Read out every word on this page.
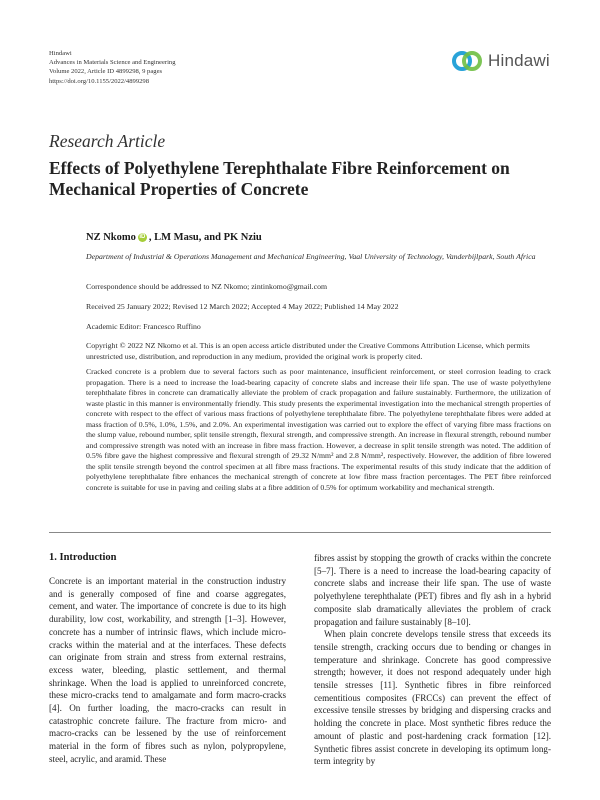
Hindawi
Advances in Materials Science and Engineering
Volume 2022, Article ID 4899298, 9 pages
https://doi.org/10.1155/2022/4899298
Hindawi
Research Article
Effects of Polyethylene Terephthalate Fibre Reinforcement on Mechanical Properties of Concrete
NZ Nkomo iD , LM Masu, and PK Nziu
Department of Industrial & Operations Management and Mechanical Engineering, Vaal University of Technology, Vanderbijlpark, South Africa
Correspondence should be addressed to NZ Nkomo; zintinkomo@gmail.com
Received 25 January 2022; Revised 12 March 2022; Accepted 4 May 2022; Published 14 May 2022
Academic Editor: Francesco Ruffino
Copyright © 2022 NZ Nkomo et al. This is an open access article distributed under the Creative Commons Attribution License, which permits unrestricted use, distribution, and reproduction in any medium, provided the original work is properly cited.
Cracked concrete is a problem due to several factors such as poor maintenance, insufficient reinforcement, or steel corrosion leading to crack propagation. There is a need to increase the load-bearing capacity of concrete slabs and increase their life span. The use of waste polyethylene terephthalate fibres in concrete can dramatically alleviate the problem of crack propagation and failure sustainably. Furthermore, the utilization of waste plastic in this manner is environmentally friendly. This study presents the experimental investigation into the mechanical strength properties of concrete with respect to the effect of various mass fractions of polyethylene terephthalate fibre. The polyethylene terephthalate fibres were added at mass fraction of 0.5%, 1.0%, 1.5%, and 2.0%. An experimental investigation was carried out to explore the effect of varying fibre mass fractions on the slump value, rebound number, split tensile strength, flexural strength, and compressive strength. An increase in flexural strength, rebound number and compressive strength was noted with an increase in fibre mass fraction. However, a decrease in split tensile strength was noted. The addition of 0.5% fibre gave the highest compressive and flexural strength of 29.32 N/mm² and 2.8 N/mm², respectively. However, the addition of fibre lowered the split tensile strength beyond the control specimen at all fibre mass fractions. The experimental results of this study indicate that the addition of polyethylene terephthalate fibre enhances the mechanical strength of concrete at low fibre mass fraction percentages. The PET fibre reinforced concrete is suitable for use in paving and ceiling slabs at a fibre addition of 0.5% for optimum workability and mechanical strength.
1. Introduction

Concrete is an important material in the construction industry and is generally composed of fine and coarse aggregates, cement, and water. The importance of concrete is due to its high durability, low cost, workability, and strength [1–3]. However, concrete has a number of intrinsic flaws, which include micro-cracks within the material and at the interfaces. These defects can originate from strain and stress from external restrains, excess water, bleeding, plastic settlement, and thermal shrinkage. When the load is applied to unreinforced concrete, these micro-cracks tend to amalgamate and form macro-cracks [4]. On further loading, the macro-cracks can result in catastrophic concrete failure. The fracture from micro- and macro-cracks can be lessened by the use of reinforcement material in the form of fibres such as nylon, polypropylene, steel, acrylic, and aramid. These

fibres assist by stopping the growth of cracks within the concrete [5–7]. There is a need to increase the load-bearing capacity of concrete slabs and increase their life span. The use of waste polyethylene terephthalate (PET) fibres and fly ash in a hybrid composite slab dramatically alleviates the problem of crack propagation and failure sustainably [8–10].

When plain concrete develops tensile stress that exceeds its tensile strength, cracking occurs due to bending or changes in temperature and shrinkage. Concrete has good compressive strength; however, it does not respond adequately under high tensile stresses [11]. Synthetic fibres in fibre reinforced cementitious composites (FRCCs) can prevent the effect of excessive tensile stresses by bridging and dispersing cracks and holding the concrete in place. Most synthetic fibres reduce the amount of plastic and post-hardening crack formation [12]. Synthetic fibres assist concrete in developing its optimum long-term integrity by
